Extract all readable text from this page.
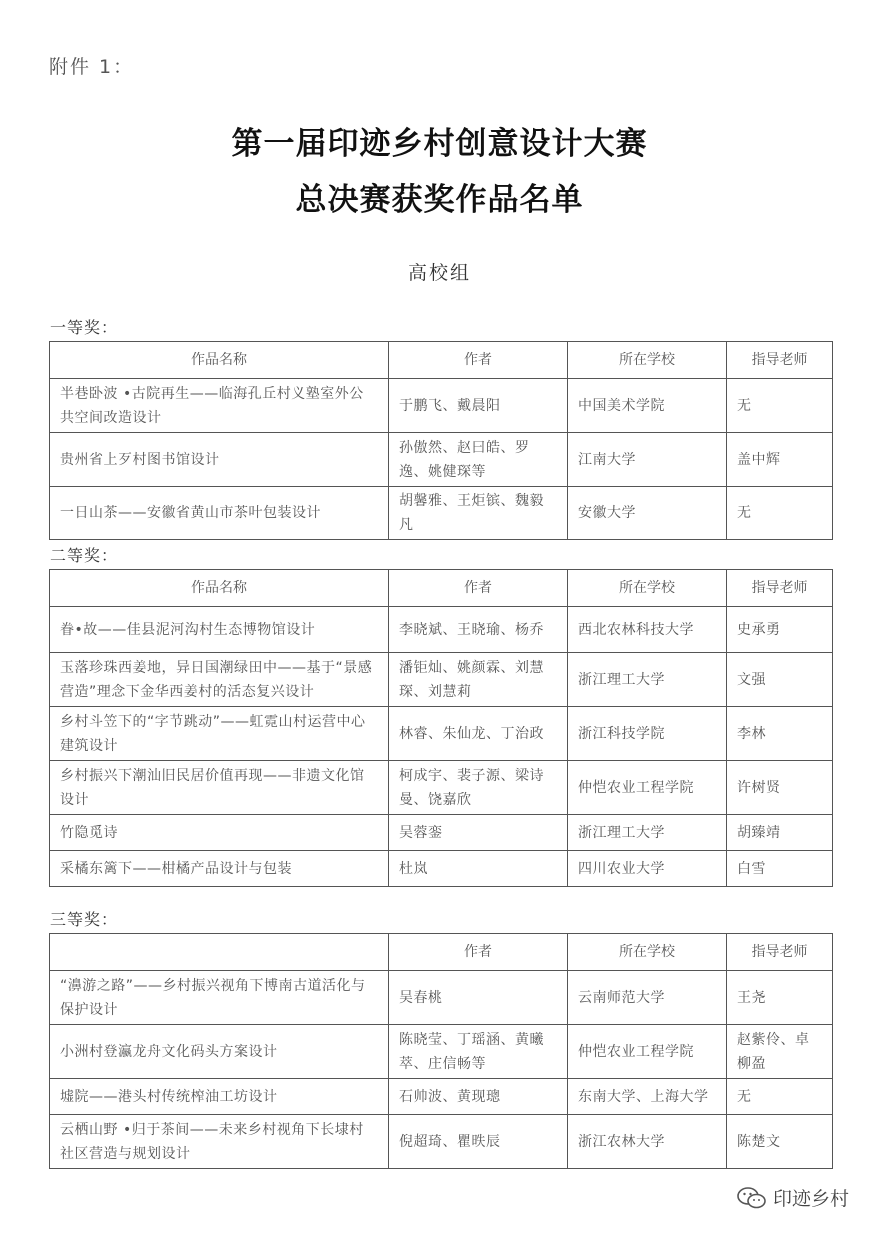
附件 1：
第一届印迹乡村创意设计大赛
总决赛获奖作品名单
高校组
一等奖：
作品名称	作者	所在学校	指导老师
半巷卧波 •古院再生——临海孔丘村义塾室外公共空间改造设计	于鹏飞、戴晨阳	中国美术学院	无
贵州省上歹村图书馆设计	孙傲然、赵曰皓、罗逸、姚健琛等	江南大学	盖中辉
一日山茶——安徽省黄山市茶叶包装设计	胡馨雅、王炬镔、魏毅凡	安徽大学	无
二等奖：
作品名称	作者	所在学校	指导老师
眷•故——佳县泥河沟村生态博物馆设计	李晓斌、王晓瑜、杨乔	西北农林科技大学	史承勇
玉落珍珠西姜地，异日国潮绿田中——基于“景感营造”理念下金华西姜村的活态复兴设计	潘钜灿、姚颜霖、刘慧琛、刘慧莉	浙江理工大学	文强
乡村斗笠下的“字节跳动”——虹霓山村运营中心建筑设计	林睿、朱仙龙、丁治政	浙江科技学院	李林
乡村振兴下潮汕旧民居价值再现——非遗文化馆设计	柯成宇、裴子源、梁诗曼、饶嘉欣	仲恺农业工程学院	许树贤
竹隐觅诗	吴蓉銮	浙江理工大学	胡臻靖
采橘东篱下——柑橘产品设计与包装	杜岚	四川农业大学	白雪
三等奖：
	作者	所在学校	指导老师
“濞游之路”——乡村振兴视角下博南古道活化与保护设计	吴春桃	云南师范大学	王尧
小洲村登瀛龙舟文化码头方案设计	陈晓莹、丁瑶涵、黄曦萃、庄信畅等	仲恺农业工程学院	赵紫伶、卓柳盈
墟院——港头村传统榨油工坊设计	石帅波、黄现璁	东南大学、上海大学	无
云栖山野 •归于茶间——未来乡村视角下长埭村社区营造与规划设计	倪超琦、瞿昳辰	浙江农林大学	陈楚文
印迹乡村
